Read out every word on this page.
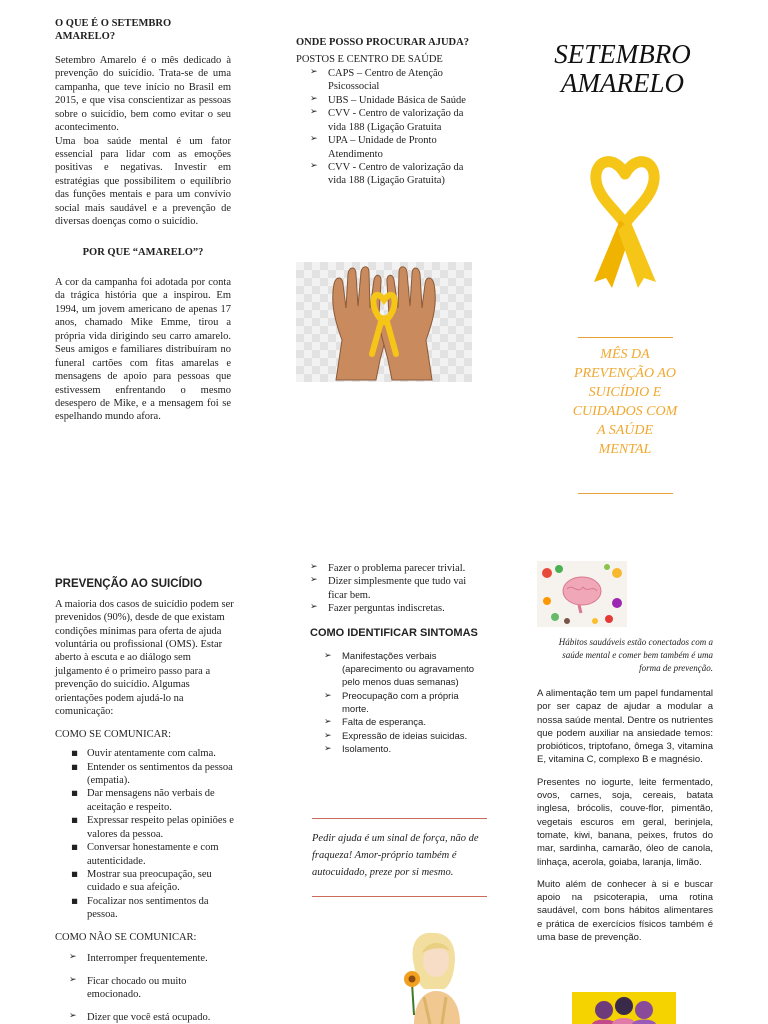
O QUE É O SETEMBRO AMARELO?

Setembro Amarelo é o mês dedicado à prevenção do suicídio. Trata-se de uma campanha, que teve início no Brasil em 2015, e que visa conscientizar as pessoas sobre o suicídio, bem como evitar o seu acontecimento.

Uma boa saúde mental é um fator essencial para lidar com as emoções positivas e negativas. Investir em estratégias que possibilitem o equilíbrio das funções mentais e para um convívio social mais saudável e a prevenção de diversas doenças como o suicídio.

POR QUE “AMARELO”?

A cor da campanha foi adotada por conta da trágica história que a inspirou. Em 1994, um jovem americano de apenas 17 anos, chamado Mike Emme, tirou a própria vida dirigindo seu carro amarelo. Seus amigos e familiares distribuíram no funeral cartões com fitas amarelas e mensagens de apoio para pessoas que estivessem enfrentando o mesmo desespero de Mike, e a mensagem foi se espelhando mundo afora.

ONDE POSSO PROCURAR AJUDA?
POSTOS E CENTRO DE SAÚDE
➢ CAPS – Centro de Atenção Psicossocial
➢ UBS – Unidade Básica de Saúde
➢ CVV - Centro de valorização da vida 188 (Ligação Gratuita
➢ UPA – Unidade de Pronto Atendimento
➢ CVV - Centro de valorização da vida 188 (Ligação Gratuita)
SETEMBRO
AMARELO
MÊS DA PREVENÇÃO AO SUICÍDIO E CUIDADOS COM A SAÚDE MENTAL
PREVENÇÃO AO SUICÍDIO

A maioria dos casos de suicídio podem ser prevenidos (90%), desde de que existam condições mínimas para oferta de ajuda voluntária ou profissional (OMS). Estar aberto à escuta e ao diálogo sem julgamento é o primeiro passo para a prevenção do suicídio. Algumas orientações podem ajudá-lo na comunicação:

COMO SE COMUNICAR:
▪ Ouvir atentamente com calma.
▪ Entender os sentimentos da pessoa (empatia).
▪ Dar mensagens não verbais de aceitação e respeito.
▪ Expressar respeito pelas opiniões e valores da pessoa.
▪ Conversar honestamente e com autenticidade.
▪ Mostrar sua preocupação, seu cuidado e sua afeição.
▪ Focalizar nos sentimentos da pessoa.
COMO NÃO SE COMUNICAR:
➢ Interromper frequentemente.
➢ Ficar chocado ou muito emocionado.
➢ Dizer que você está ocupado.
➢ Fazer o problema parecer trivial.
➢ Dizer simplesmente que tudo vai ficar bem.
➢ Fazer perguntas indiscretas.
COMO IDENTIFICAR SINTOMAS
➢ Manifestações verbais (aparecimento ou agravamento pelo menos duas semanas)
➢ Preocupação com a própria morte.
➢ Falta de esperança.
➢ Expressão de ideias suicidas.
➢ Isolamento.
Pedir ajuda é um sinal de força, não de fraqueza! Amor-próprio também é autocuidado, preze por si mesmo.
Hábitos saudáveis estão conectados com a saúde mental e comer bem também é uma forma de prevenção.

A alimentação tem um papel fundamental por ser capaz de ajudar a modular a nossa saúde mental. Dentre os nutrientes que podem auxiliar na ansiedade temos: probióticos, triptofano, ômega 3, vitamina E, vitamina C, complexo B e magnésio.

Presentes no iogurte, leite fermentado, ovos, carnes, soja, cereais, batata inglesa, brócolis, couve-flor, pimentão, vegetais escuros em geral, berinjela, tomate, kiwi, banana, peixes, frutos do mar, sardinha, camarão, óleo de canola, linhaça, acerola, goiaba, laranja, limão.

Muito além de conhecer à si e buscar apoio na psicoterapia, uma rotina saudável, com bons hábitos alimentares e prática de exercícios físicos também é uma base de prevenção.
